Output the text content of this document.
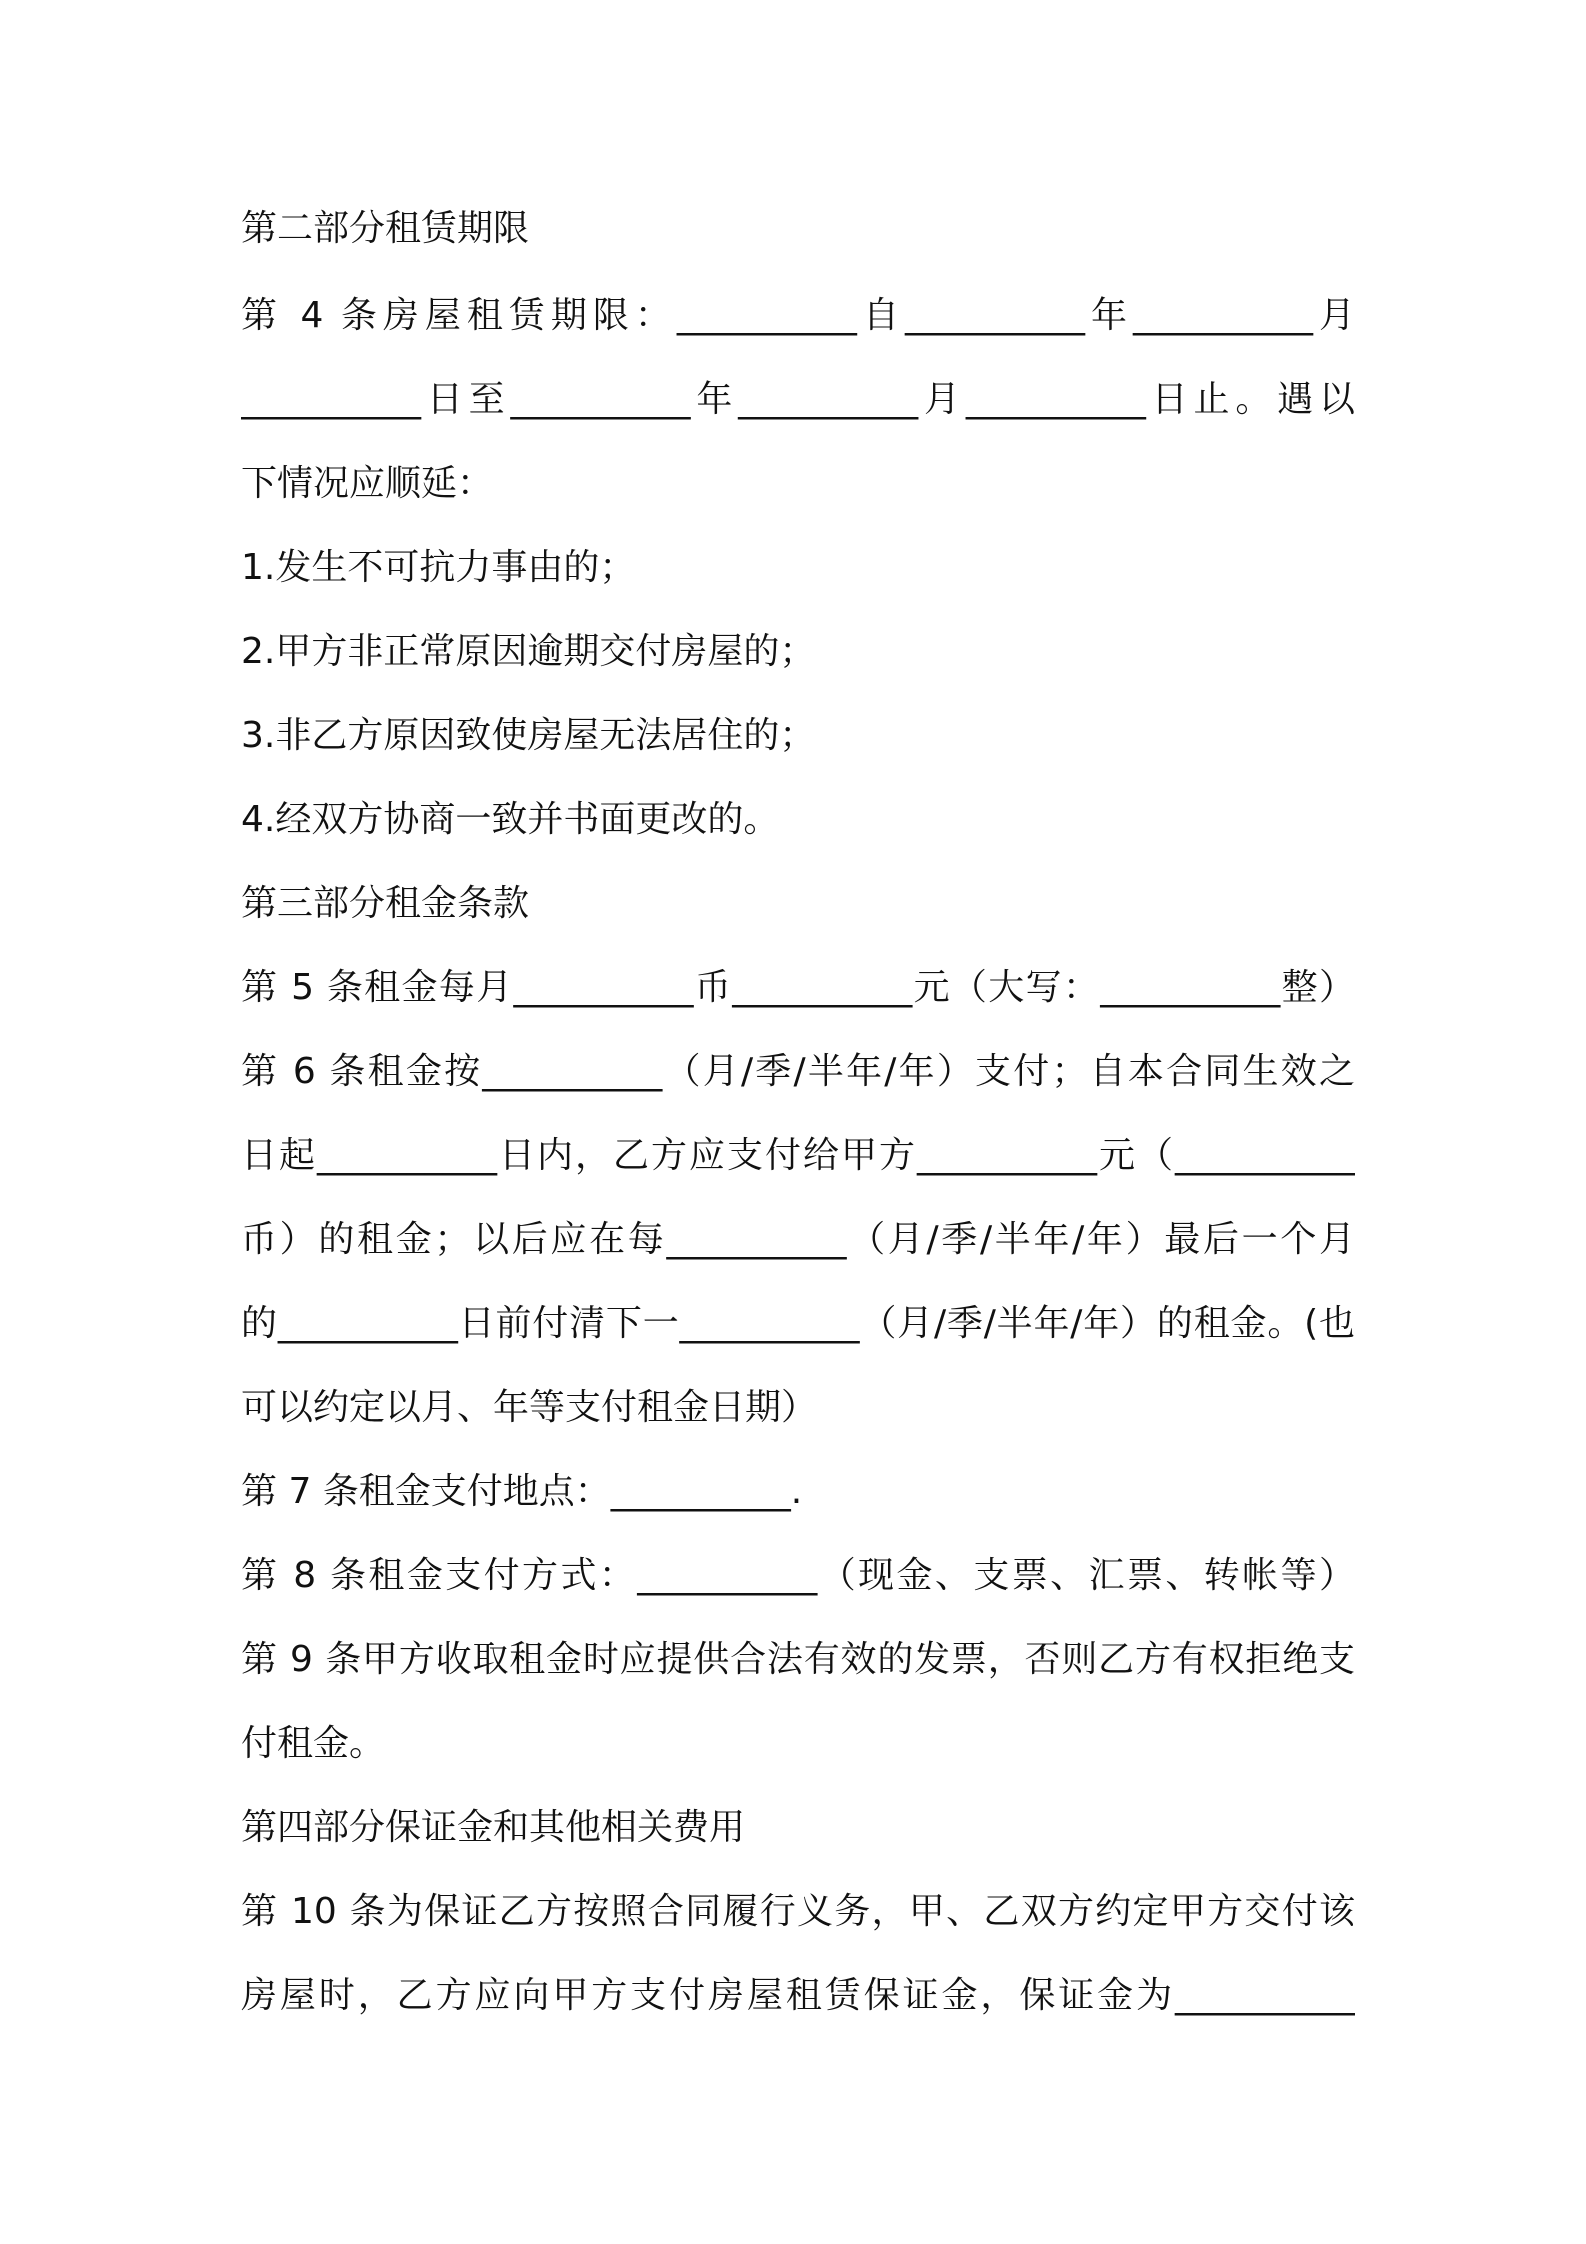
第二部分租赁期限
第 4 条房屋租赁期限：__________自__________年__________月
__________日至__________年__________月__________日止。遇以
下情况应顺延：
1.发生不可抗力事由的；
2.甲方非正常原因逾期交付房屋的；
3.非乙方原因致使房屋无法居住的；
4.经双方协商一致并书面更改的。
第三部分租金条款
第 5 条租金每月__________币__________元（大写：__________整）
第 6 条租金按__________（月/季/半年/年）支付；自本合同生效之
日起__________日内，乙方应支付给甲方__________元（__________
币）的租金；以后应在每__________（月/季/半年/年）最后一个月
的__________日前付清下一__________（月/季/半年/年）的租金。(也
可以约定以月、年等支付租金日期）
第 7 条租金支付地点：__________.
第 8 条租金支付方式：__________（现金、支票、汇票、转帐等）
第 9 条甲方收取租金时应提供合法有效的发票，否则乙方有权拒绝支
付租金。
第四部分保证金和其他相关费用
第 10 条为保证乙方按照合同履行义务，甲、乙双方约定甲方交付该
房屋时，乙方应向甲方支付房屋租赁保证金，保证金为__________
